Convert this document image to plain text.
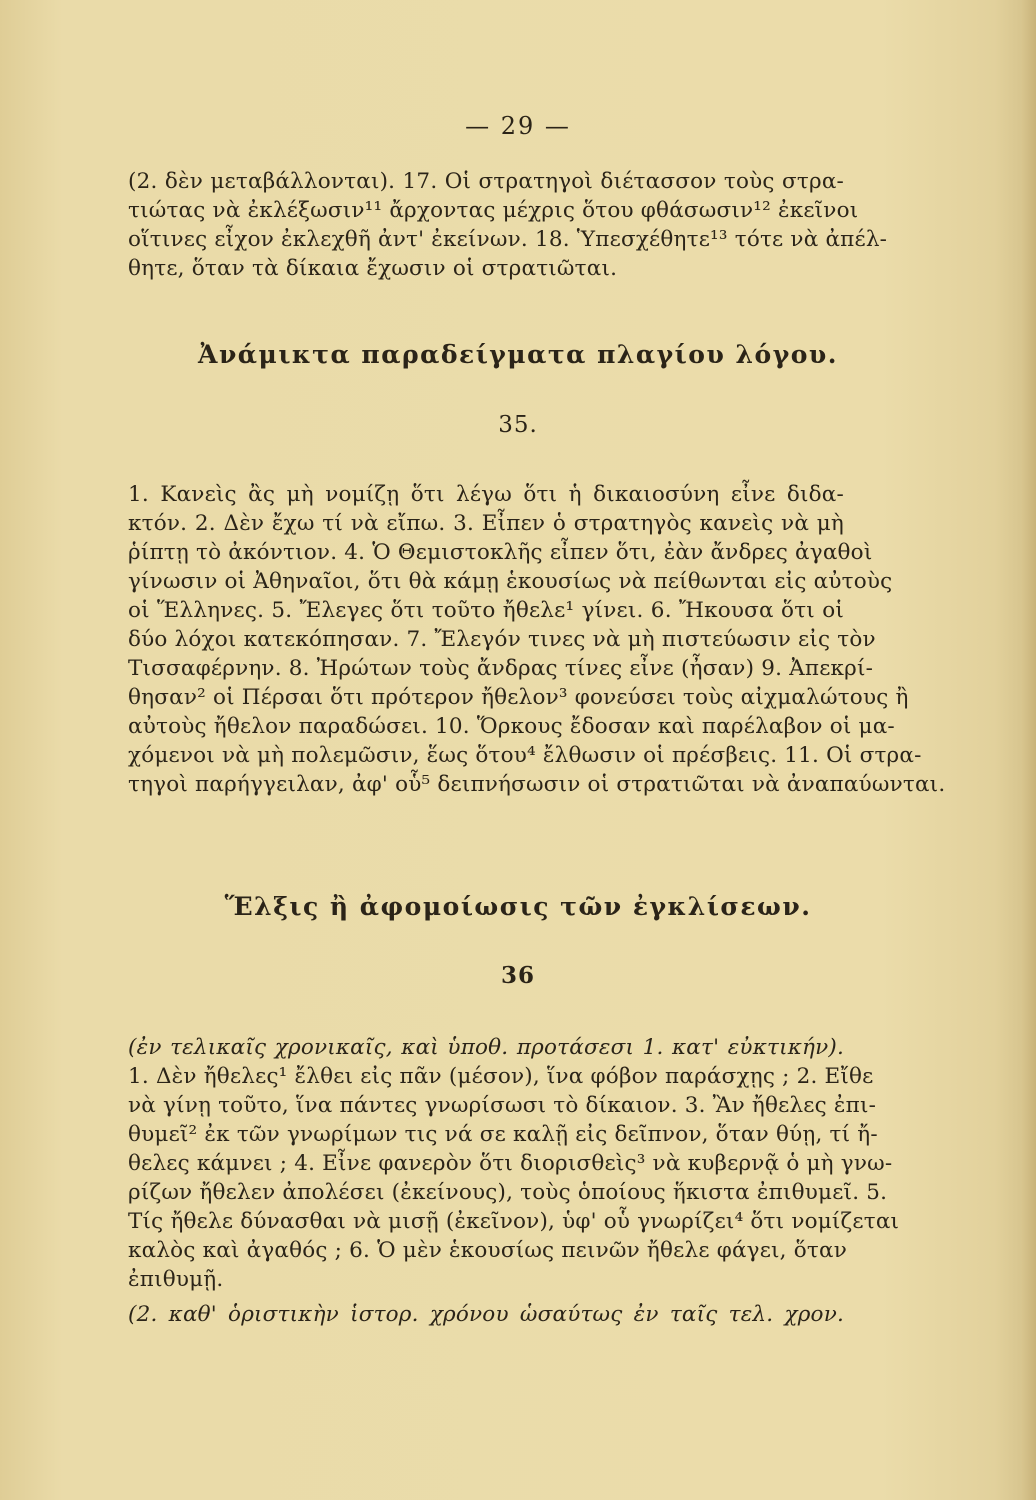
— 29 —
(2. δὲν μεταβάλλονται). 17. Οἱ στρατηγοὶ διέτασσον τοὺς στρα-
τιώτας νὰ ἐκλέξωσιν¹¹ ἄρχοντας μέχρις ὅτου φθάσωσιν¹² ἐκεῖνοι
οἵτινες εἶχον ἐκλεχθῆ ἀντ' ἐκείνων. 18. Ὑπεσχέθητε¹³ τότε νὰ ἀπέλ-
θητε, ὅταν τὰ δίκαια ἔχωσιν οἱ στρατιῶται.
Ἀνάμικτα παραδείγματα πλαγίου λόγου.
35.
1. Κανεὶς ἂς μὴ νομίζῃ ὅτι λέγω ὅτι ἡ δικαιοσύνη εἶνε διδα-
κτόν. 2. Δὲν ἔχω τί νὰ εἴπω. 3. Εἶπεν ὁ στρατηγὸς κανεὶς νὰ μὴ
ῥίπτῃ τὸ ἀκόντιον. 4. Ὁ Θεμιστοκλῆς εἶπεν ὅτι, ἐὰν ἄνδρες ἀγαθοὶ
γίνωσιν οἱ Ἀθηναῖοι, ὅτι θὰ κάμῃ ἑκουσίως νὰ πείθωνται εἰς αὐτοὺς
οἱ Ἕλληνες. 5. Ἔλεγες ὅτι τοῦτο ἤθελε¹ γίνει. 6. Ἤκουσα ὅτι οἱ
δύο λόχοι κατεκόπησαν. 7. Ἔλεγόν τινες νὰ μὴ πιστεύωσιν εἰς τὸν
Τισσαφέρνην. 8. Ἠρώτων τοὺς ἄνδρας τίνες εἶνε (ἦσαν) 9. Ἀπεκρί-
θησαν² οἱ Πέρσαι ὅτι πρότερον ἤθελον³ φονεύσει τοὺς αἰχμαλώτους ἢ
αὐτοὺς ἤθελον παραδώσει. 10. Ὅρκους ἔδοσαν καὶ παρέλαβον οἱ μα-
χόμενοι νὰ μὴ πολεμῶσιν, ἕως ὅτου⁴ ἔλθωσιν οἱ πρέσβεις. 11. Οἱ στρα-
τηγοὶ παρήγγειλαν, ἀφ' οὗ⁵ δειπνήσωσιν οἱ στρατιῶται νὰ ἀναπαύωνται.
Ἕλξις ἢ ἀφομοίωσις τῶν ἐγκλίσεων.
36
(ἐν τελικαῖς χρονικαῖς, καὶ ὑποθ. προτάσεσι 1. κατ' εὐκτικήν).
1. Δὲν ἤθελες¹ ἔλθει εἰς πᾶν (μέσον), ἵνα φόβον παράσχῃς ; 2. Εἴθε
νὰ γίνῃ τοῦτο, ἵνα πάντες γνωρίσωσι τὸ δίκαιον. 3. Ἂν ἤθελες ἐπι-
θυμεῖ² ἐκ τῶν γνωρίμων τις νά σε καλῇ εἰς δεῖπνον, ὅταν θύῃ, τί ἤ-
θελες κάμνει ; 4. Εἶνε φανερὸν ὅτι διορισθεὶς³ νὰ κυβερνᾷ ὁ μὴ γνω-
ρίζων ἤθελεν ἀπολέσει (ἐκείνους), τοὺς ὁποίους ἥκιστα ἐπιθυμεῖ. 5.
Τίς ἤθελε δύνασθαι νὰ μισῇ (ἐκεῖνον), ὑφ' οὗ γνωρίζει⁴ ὅτι νομίζεται
καλὸς καὶ ἀγαθός ; 6. Ὁ μὲν ἑκουσίως πεινῶν ἤθελε φάγει, ὅταν
ἐπιθυμῇ.
(2. καθ' ὁριστικὴν ἱστορ. χρόνου ὡσαύτως ἐν ταῖς τελ. χρον.
